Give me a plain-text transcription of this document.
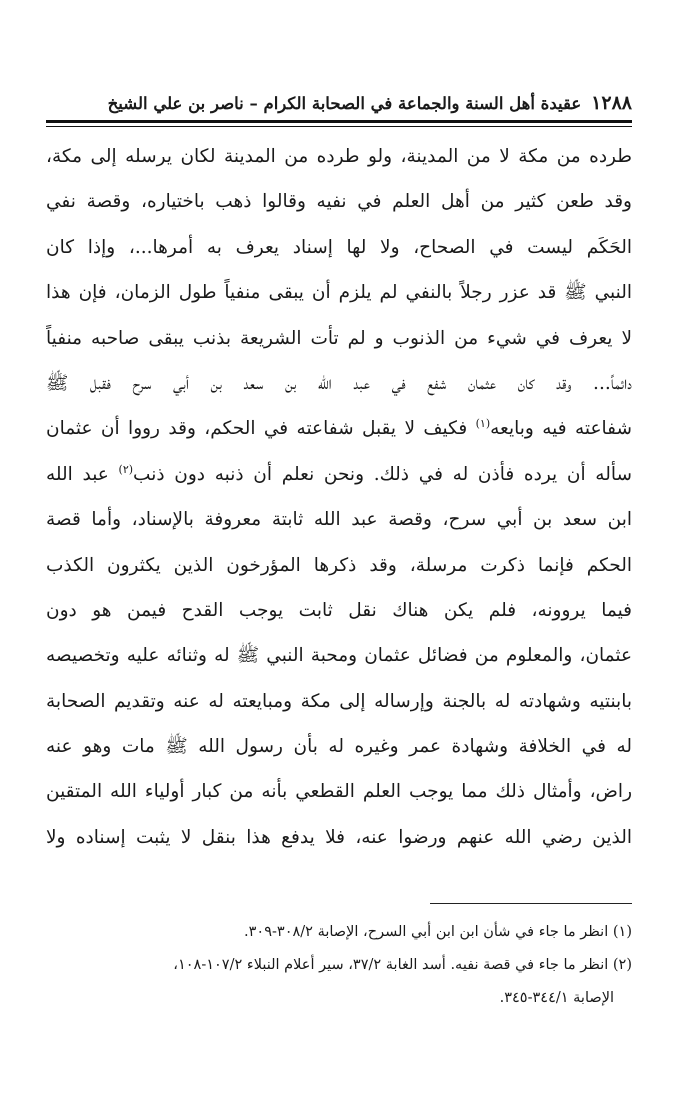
١٢٨٨
عقيدة أهل السنة والجماعة في الصحابة الكرام – ناصر بن علي الشيخ
طرده من مكة لا من المدينة، ولو طرده من المدينة لكان يرسله إلى مكة،
وقد طعن كثير من أهل العلم في نفيه وقالوا ذهب باختياره، وقصة نفي
الحَكَم ليست في الصحاح، ولا لها إسناد يعرف به أمرها...، وإذا كان
النبي ﷺ قد عزر رجلاً بالنفي لم يلزم أن يبقى منفياً طول الزمان، فإن هذا
لا يعرف في شيء من الذنوب و لم تأت الشريعة بذنب يبقى صاحبه منفياً
دائماً... وقد كان عثمان شفع في عبد الله بن سعد بن أبي سرح فقبل ﷺ
شفاعته فيه وبايعه$^{(١)}$ فكيف لا يقبل شفاعته في الحكم، وقد رووا أن عثمان
سأله أن يرده فأذن له في ذلك. ونحن نعلم أن ذنبه دون ذنب$^{(٢)}$ عبد الله
ابن سعد بن أبي سرح، وقصة عبد الله ثابتة معروفة بالإسناد، وأما قصة
الحكم فإنما ذكرت مرسلة، وقد ذكرها المؤرخون الذين يكثرون الكذب
فيما يروونه، فلم يكن هناك نقل ثابت يوجب القدح فيمن هو دون
عثمان، والمعلوم من فضائل عثمان ومحبة النبي ﷺ له وثنائه عليه وتخصيصه
بابنتيه وشهادته له بالجنة وإرساله إلى مكة ومبايعته له عنه وتقديم الصحابة
له في الخلافة وشهادة عمر وغيره له بأن رسول الله ﷺ مات وهو عنه
راض، وأمثال ذلك مما يوجب العلم القطعي بأنه من كبار أولياء الله المتقين
الذين رضي الله عنهم ورضوا عنه، فلا يدفع هذا بنقل لا يثبت إسناده ولا
(١) انظر ما جاء في شأن ابن ابن أبي السرح، الإصابة ٣٠٨/٢-٣٠٩.
(٢) انظر ما جاء في قصة نفيه. أسد الغابة ٣٧/٢، سير أعلام النبلاء ١٠٧/٢-١٠٨،
الإصابة ٣٤٤/١-٣٤٥.
